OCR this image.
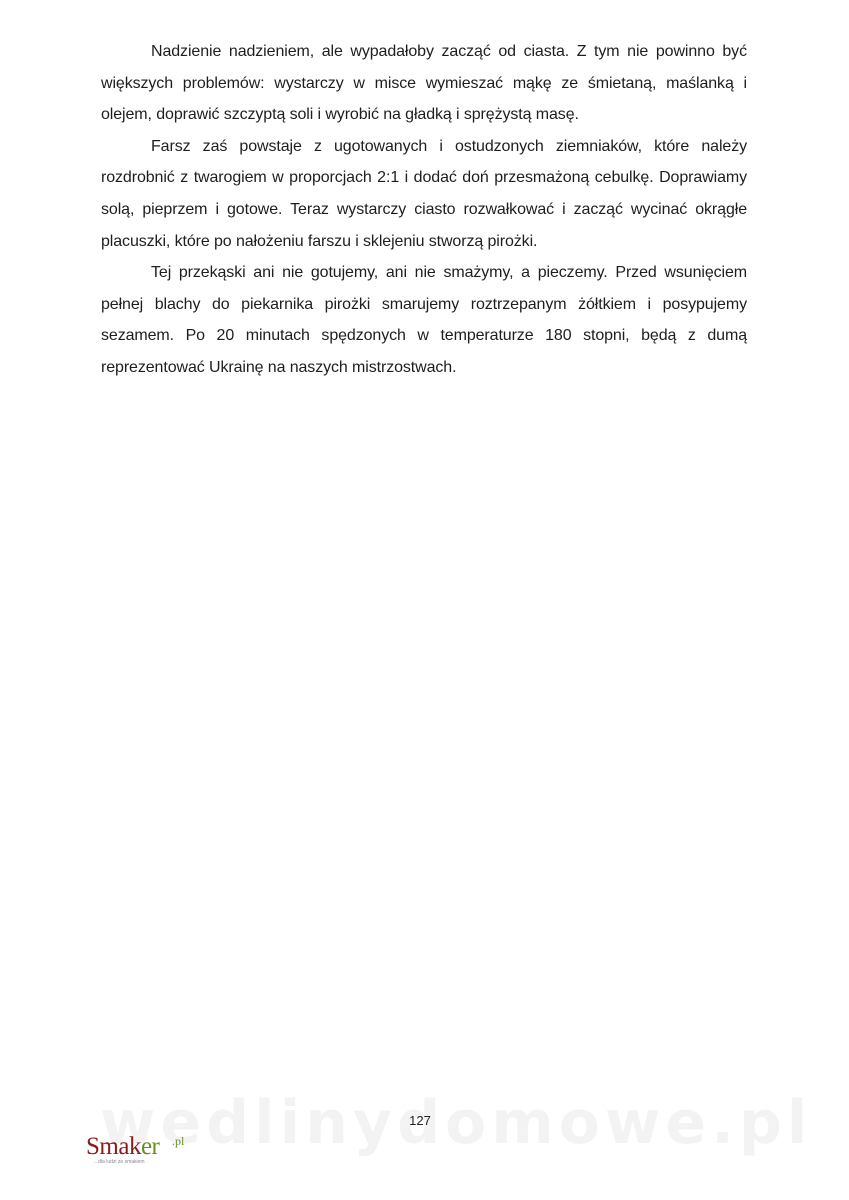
Nadzienie nadzieniem, ale wypadałoby zacząć od ciasta. Z tym nie powinno być większych problemów: wystarczy w misce wymieszać mąkę ze śmietaną, maślanką i olejem, doprawić szczyptą soli i wyrobić na gładką i sprężystą masę.

Farsz zaś powstaje z ugotowanych i ostudzonych ziemniaków, które należy rozdrobnić z twarogiem w proporcjach 2:1 i dodać doń przesmażoną cebulkę. Doprawiamy solą, pieprzem i gotowe. Teraz wystarczy ciasto rozwałkować i zacząć wycinać okrągłe placuszki, które po nałożeniu farszu i sklejeniu stworzą pirożki.

Tej przekąski ani nie gotujemy, ani nie smażymy, a pieczemy. Przed wsunięciem pełnej blachy do piekarnika pirożki smarujemy roztrzepanym żółtkiem i posypujemy sezamem. Po 20 minutach spędzonych w temperaturze 180 stopni, będą z dumą reprezentować Ukrainę na naszych mistrzostwach.

127
Smaker .pl
...dla ludzi ze smakiem
